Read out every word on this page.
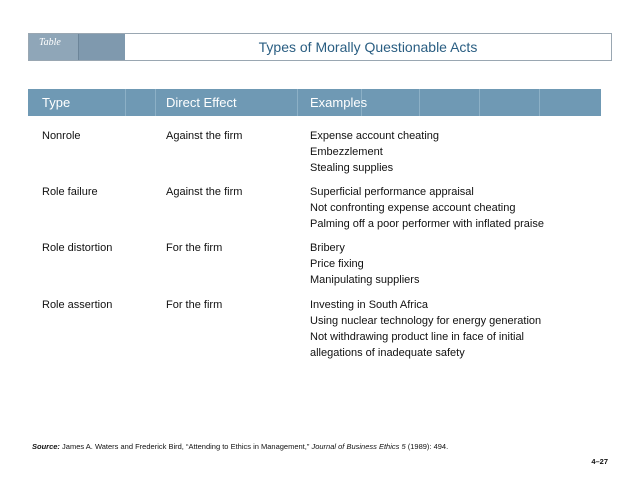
Table	Types of Morally Questionable Acts
Type	Direct Effect	Examples
Nonrole	Against the firm	Expense account cheating
Embezzlement
Stealing supplies
Role failure	Against the firm	Superficial performance appraisal
Not confronting expense account cheating
Palming off a poor performer with inflated praise
Role distortion	For the firm	Bribery
Price fixing
Manipulating suppliers
Role assertion	For the firm	Investing in South Africa
Using nuclear technology for energy generation
Not withdrawing product line in face of initial
allegations of inadequate safety
Source: James A. Waters and Frederick Bird, “Attending to Ethics in Management,” Journal of Business Ethics 5 (1989): 494.
4–27
